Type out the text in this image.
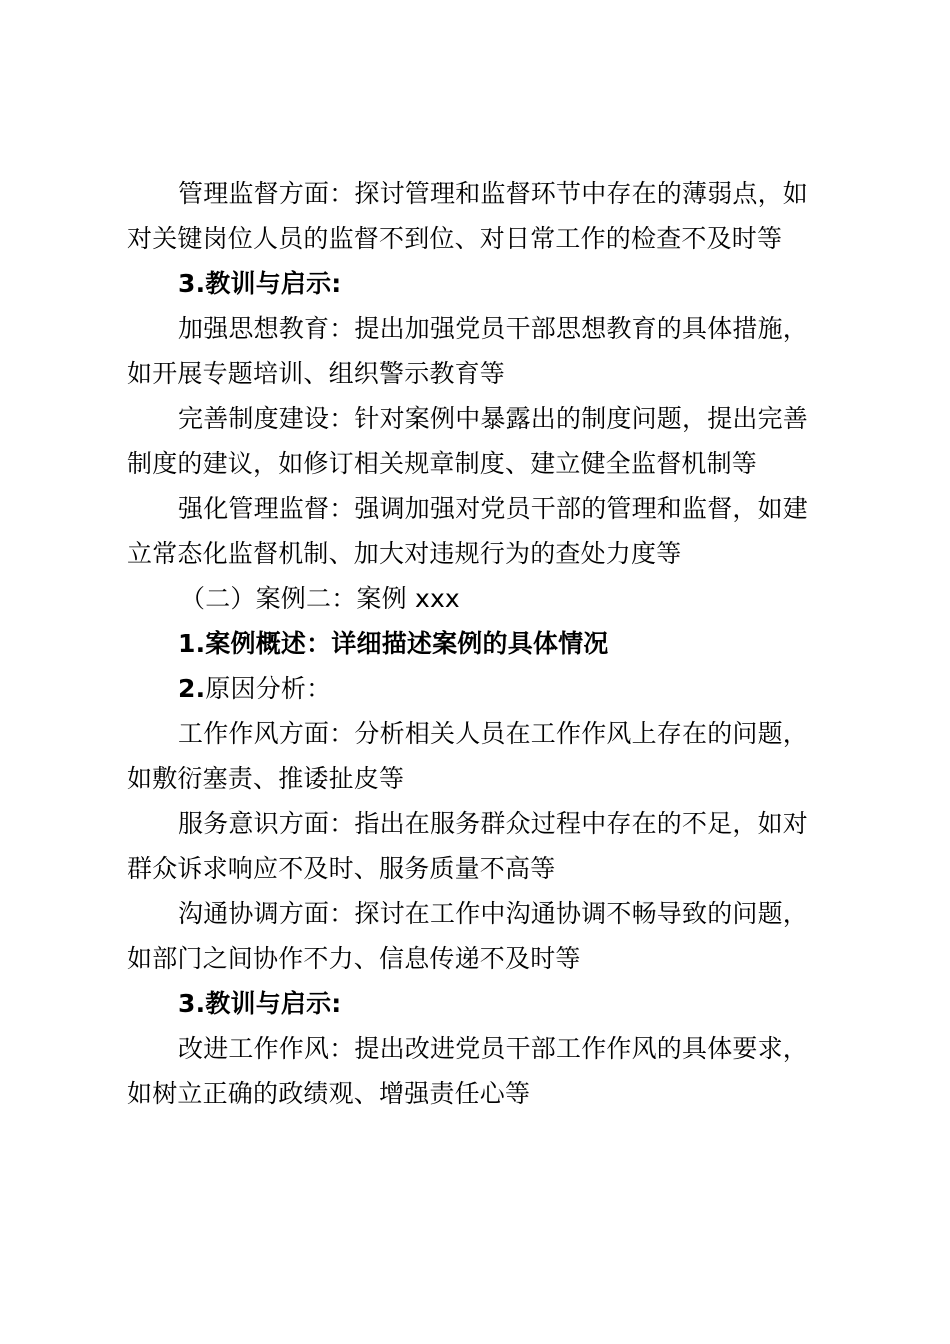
管理监督方面：探讨管理和监督环节中存在的薄弱点，如
对关键岗位人员的监督不到位、对日常工作的检查不及时等
3.教训与启示:
加强思想教育：提出加强党员干部思想教育的具体措施，
如开展专题培训、组织警示教育等
完善制度建设：针对案例中暴露出的制度问题，提出完善
制度的建议，如修订相关规章制度、建立健全监督机制等
强化管理监督：强调加强对党员干部的管理和监督，如建
立常态化监督机制、加大对违规行为的查处力度等
（二）案例二：案例 xxx
1.案例概述：详细描述案例的具体情况
2.原因分析：
工作作风方面：分析相关人员在工作作风上存在的问题，
如敷衍塞责、推诿扯皮等
服务意识方面：指出在服务群众过程中存在的不足，如对
群众诉求响应不及时、服务质量不高等
沟通协调方面：探讨在工作中沟通协调不畅导致的问题，
如部门之间协作不力、信息传递不及时等
3.教训与启示:
改进工作作风：提出改进党员干部工作作风的具体要求，
如树立正确的政绩观、增强责任心等
